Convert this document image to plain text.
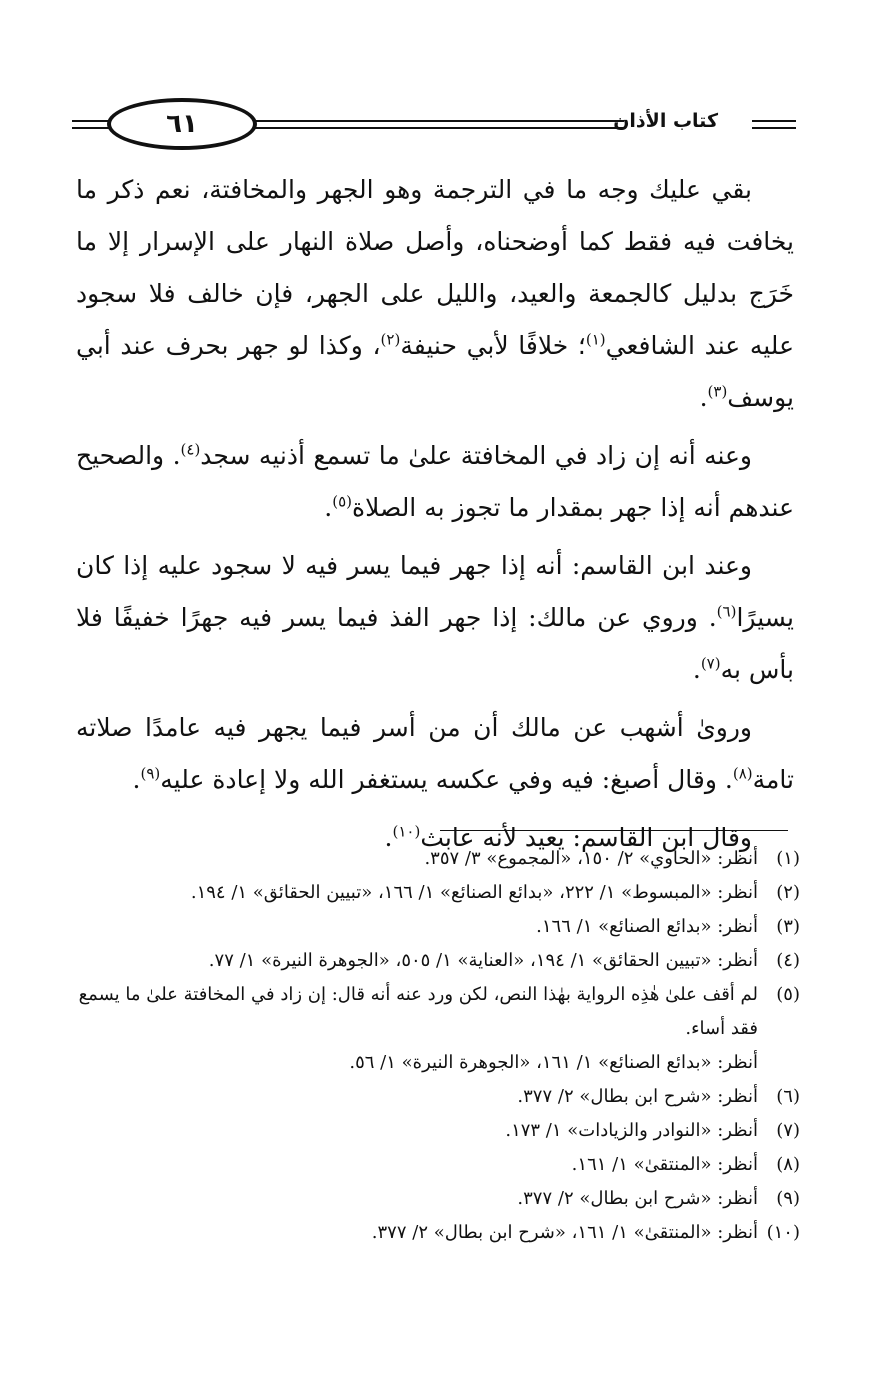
٦١	كتاب الأذان

بقي عليك وجه ما في الترجمة وهو الجهر والمخافتة، نعم ذكر ما يخافت فيه فقط كما أوضحناه، وأصل صلاة النهار على الإسرار إلا ما خَرَج بدليل كالجمعة والعيد، والليل على الجهر، فإن خالف فلا سجود عليه عند الشافعي$^{(١)}$؛ خلافًا لأبي حنيفة$^{(٢)}$، وكذا لو جهر بحرف عند أبي يوسف$^{(٣)}$.

وعنه أنه إن زاد في المخافتة علىٰ ما تسمع أذنيه سجد$^{(٤)}$. والصحيح عندهم أنه إذا جهر بمقدار ما تجوز به الصلاة$^{(٥)}$.

وعند ابن القاسم: أنه إذا جهر فيما يسر فيه لا سجود عليه إذا كان يسيرًا$^{(٦)}$. وروي عن مالك: إذا جهر الفذ فيما يسر فيه جهرًا خفيفًا فلا بأس به$^{(٧)}$.

ورویٰ أشهب عن مالك أن من أسر فيما يجهر فيه عامدًا صلاته تامة$^{(٨)}$. وقال أصبغ: فيه وفي عكسه يستغفر الله ولا إعادة عليه$^{(٩)}$.

وقال ابن القاسم: يعيد لأنه عابث$^{(١٠)}$.

(١)
أنظر: «الحاوي» ٢/ ١٥٠، «المجموع» ٣/ ٣٥٧.
(٢)
أنظر: «المبسوط» ١/ ٢٢٢، «بدائع الصنائع» ١/ ١٦٦، «تبيين الحقائق» ١/ ١٩٤.
(٣)
أنظر: «بدائع الصنائع» ١/ ١٦٦.
(٤)
أنظر: «تبيين الحقائق» ١/ ١٩٤، «العناية» ١/ ٥٠٥، «الجوهرة النيرة» ١/ ٧٧.
(٥)
لم أقف علىٰ هٰذِه الرواية بهٰذا النص، لكن ورد عنه أنه قال: إن زاد في المخافتة علىٰ ما يسمع فقد أساء.
أنظر: «بدائع الصنائع» ١/ ١٦١، «الجوهرة النيرة» ١/ ٥٦.
(٦)
أنظر: «شرح ابن بطال» ٢/ ٣٧٧.
(٧)
أنظر: «النوادر والزيادات» ١/ ١٧٣.
(٨)
أنظر: «المنتقىٰ» ١/ ١٦١.
(٩)
أنظر: «شرح ابن بطال» ٢/ ٣٧٧.
(١٠)
أنظر: «المنتقىٰ» ١/ ١٦١، «شرح ابن بطال» ٢/ ٣٧٧.
